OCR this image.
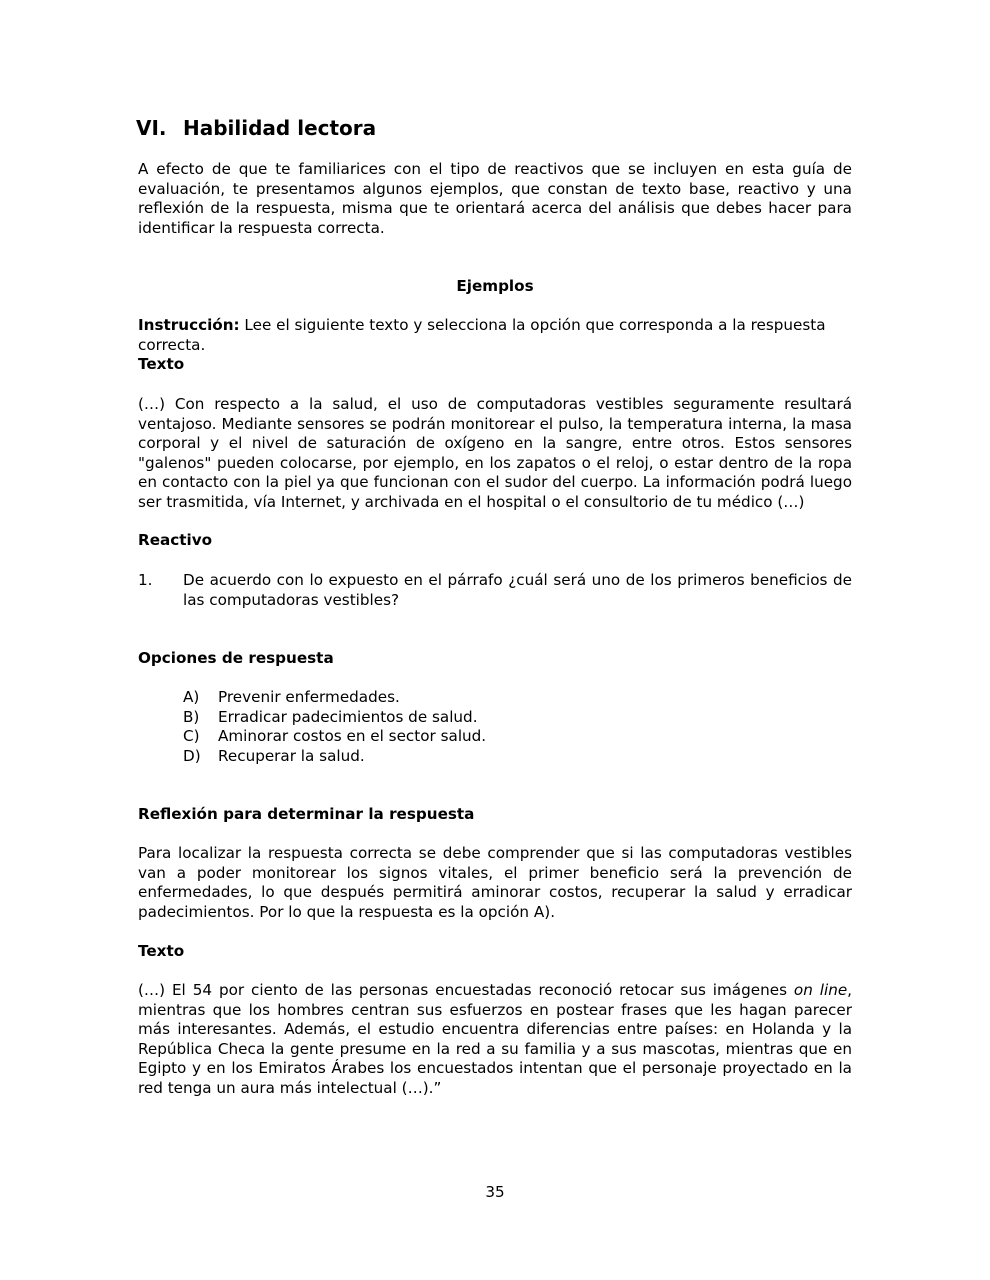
VI. Habilidad lectora

A efecto de que te familiarices con el tipo de reactivos que se incluyen en esta guía de evaluación, te presentamos algunos ejemplos, que constan de texto base, reactivo y una reflexión de la respuesta, misma que te orientará acerca del análisis que debes hacer para identificar la respuesta correcta.

Ejemplos
Instrucción: Lee el siguiente texto y selecciona la opción que corresponda a la respuesta correcta.
Texto

(…) Con respecto a la salud, el uso de computadoras vestibles seguramente resultará ventajoso. Mediante sensores se podrán monitorear el pulso, la temperatura interna, la masa corporal y el nivel de saturación de oxígeno en la sangre, entre otros. Estos sensores "galenos" pueden colocarse, por ejemplo, en los zapatos o el reloj, o estar dentro de la ropa en contacto con la piel ya que funcionan con el sudor del cuerpo. La información podrá luego ser trasmitida, vía Internet, y archivada en el hospital o el consultorio de tu médico (…)

Reactivo
1. De acuerdo con lo expuesto en el párrafo ¿cuál será uno de los primeros beneficios de las computadoras vestibles?
Opciones de respuesta
A)	Prevenir enfermedades.
B)	Erradicar padecimientos de salud.
C)	Aminorar costos en el sector salud.
D)	Recuperar la salud.
Reflexión para determinar la respuesta

Para localizar la respuesta correcta se debe comprender que si las computadoras vestibles van a poder monitorear los signos vitales, el primer beneficio será la prevención de enfermedades, lo que después permitirá aminorar costos, recuperar la salud y erradicar padecimientos. Por lo que la respuesta es la opción A).

Texto

(…) El 54 por ciento de las personas encuestadas reconoció retocar sus imágenes on line, mientras que los hombres centran sus esfuerzos en postear frases que les hagan parecer más interesantes. Además, el estudio encuentra diferencias entre países: en Holanda y la República Checa la gente presume en la red a su familia y a sus mascotas, mientras que en Egipto y en los Emiratos Árabes los encuestados intentan que el personaje proyectado en la red tenga un aura más intelectual (…).”

35
